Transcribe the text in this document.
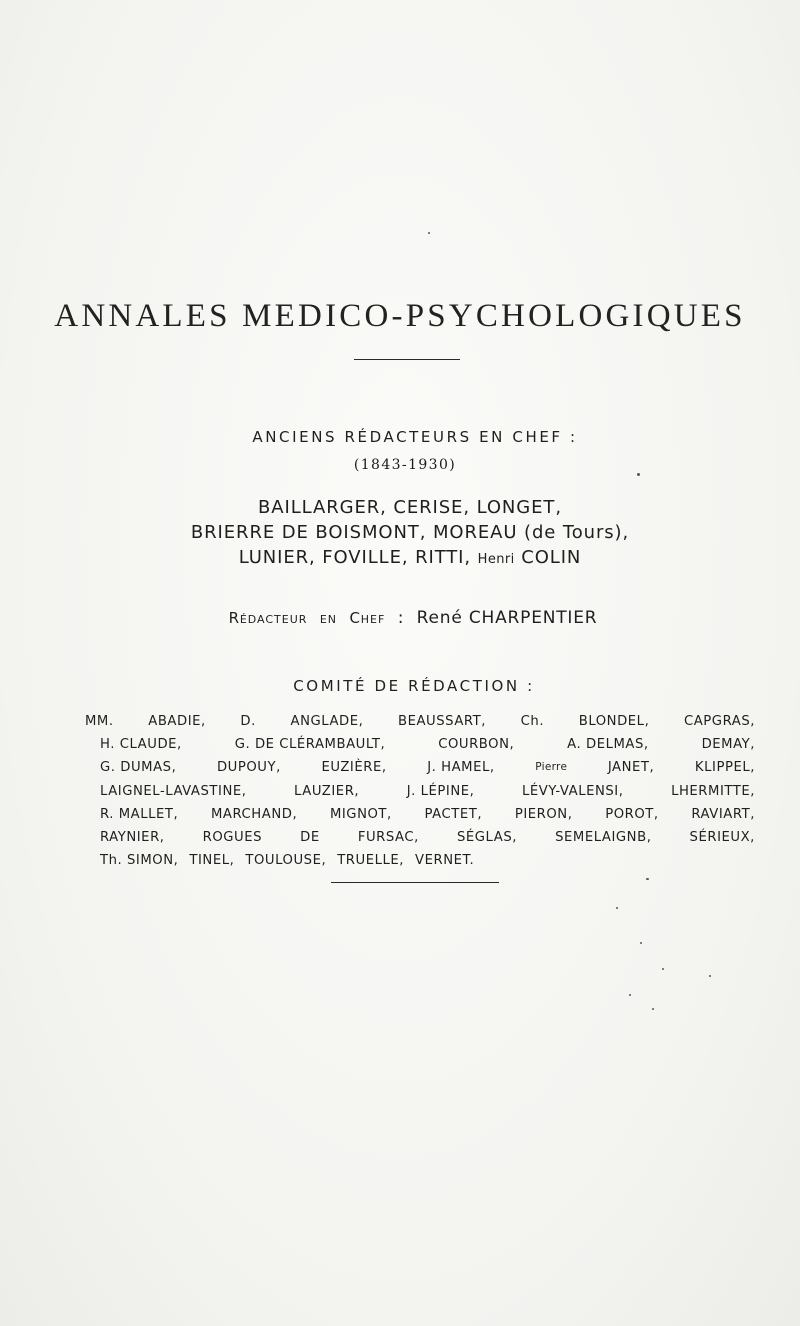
ANNALES MEDICO-PSYCHOLOGIQUES
ANCIENS RÉDACTEURS EN CHEF :
(1843-1930)
BAILLARGER, CERISE, LONGET,
BRIERRE DE BOISMONT, MOREAU (de Tours),
LUNIER, FOVILLE, RITTI, Henri COLIN
RÉDACTEUR EN CHEF : René CHARPENTIER
COMITÉ DE RÉDACTION :
MM.	ABADIE,	D.	ANGLADE,	BEAUSSART,	Ch.	BLONDEL,	CAPGRAS,
H. CLAUDE,	G. DE CLÉRAMBAULT,	COURBON,	A. DELMAS,	DEMAY,
G. DUMAS,	DUPOUY,	EUZIÈRE,	J. HAMEL,	Pierre	JANET,	KLIPPEL,
LAIGNEL-LAVASTINE,	LAUZIER,	J. LÉPINE,	LÉVY-VALENSI,	LHERMITTE,
R. MALLET, MARCHAND, MIGNOT, PACTET, PIERON, POROT, RAVIART,
RAYNIER,	ROGUES	DE	FURSAC,	SÉGLAS,	SEMELAIGNB,	SÉRIEUX,
Th. SIMON, TINEL, TOULOUSE, TRUELLE, VERNET.
